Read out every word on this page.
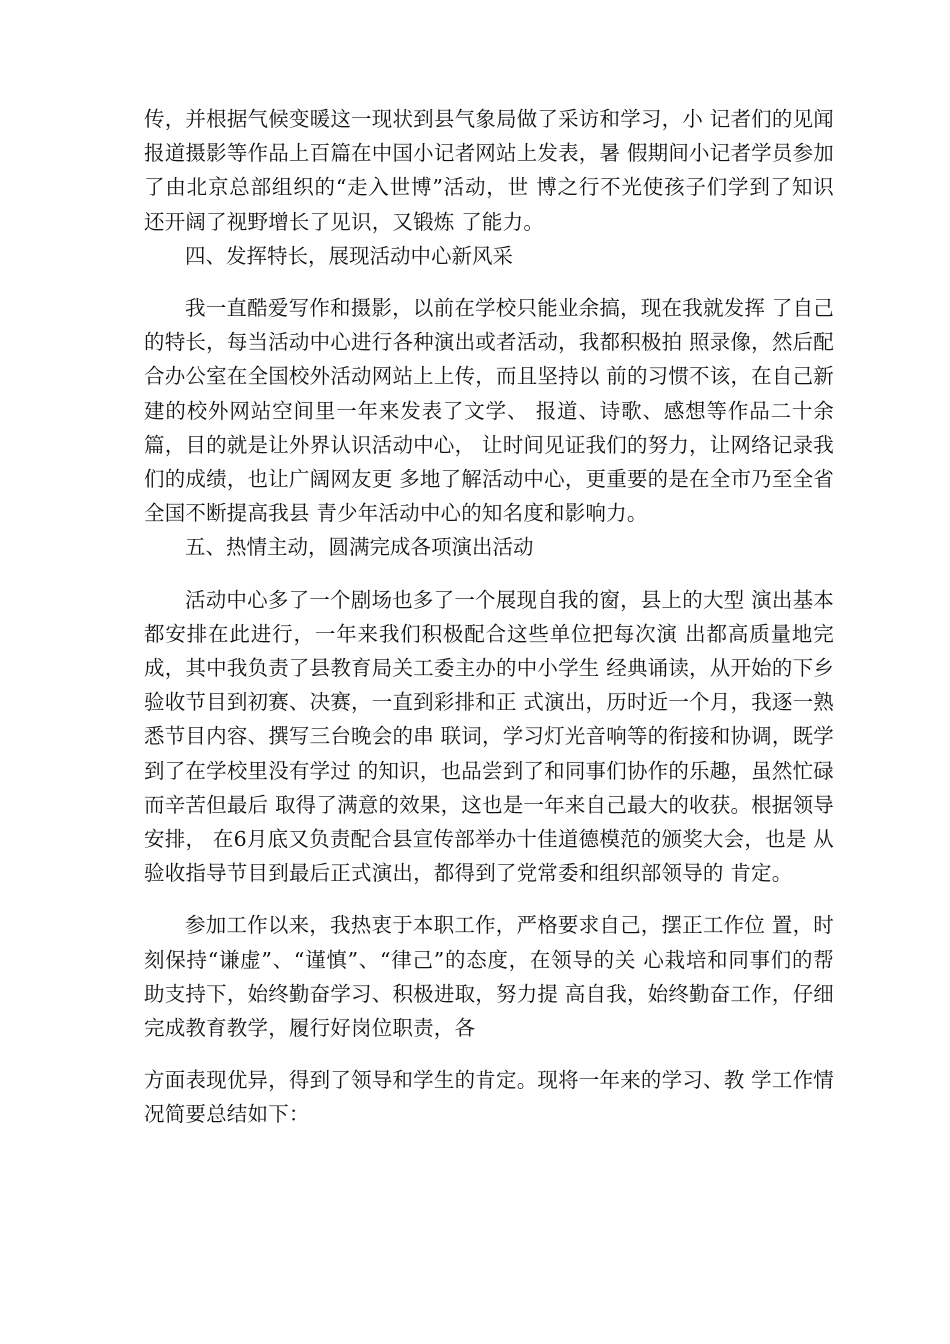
传，并根据气候变暖这一现状到县气象局做了采访和学习，小 记者们的见闻报道摄影等作品上百篇在中国小记者网站上发表，暑 假期间小记者学员参加了由北京总部组织的“走入世博”活动，世 博之行不光使孩子们学到了知识还开阔了视野增长了见识，又锻炼 了能力。

四、发挥特长，展现活动中心新风采

我一直酷爱写作和摄影，以前在学校只能业余搞，现在我就发挥 了自己的特长，每当活动中心进行各种演出或者活动，我都积极拍 照录像，然后配合办公室在全国校外活动网站上上传，而且坚持以 前的习惯不该，在自己新建的校外网站空间里一年来发表了文学、 报道、诗歌、感想等作品二十余篇，目的就是让外界认识活动中心， 让时间见证我们的努力，让网络记录我们的成绩，也让广阔网友更 多地了解活动中心，更重要的是在全市乃至全省全国不断提高我县 青少年活动中心的知名度和影响力。

五、热情主动，圆满完成各项演出活动

活动中心多了一个剧场也多了一个展现自我的窗，县上的大型 演出基本都安排在此进行，一年来我们积极配合这些单位把每次演 出都高质量地完成，其中我负责了县教育局关工委主办的中小学生 经典诵读，从开始的下乡验收节目到初赛、决赛，一直到彩排和正 式演出，历时近一个月，我逐一熟悉节目内容、撰写三台晚会的串 联词，学习灯光音响等的衔接和协调，既学到了在学校里没有学过 的知识，也品尝到了和同事们协作的乐趣，虽然忙碌而辛苦但最后 取得了满意的效果，这也是一年来自己最大的收获。根据领导安排， 在6月底又负责配合县宣传部举办十佳道德模范的颁奖大会，也是 从验收指导节目到最后正式演出，都得到了党常委和组织部领导的 肯定。

参加工作以来，我热衷于本职工作，严格要求自己，摆正工作位 置，时刻保持“谦虚”、“谨慎”、“律己”的态度，在领导的关 心栽培和同事们的帮助支持下，始终勤奋学习、积极进取，努力提 高自我，始终勤奋工作，仔细完成教育教学，履行好岗位职责，各

方面表现优异，得到了领导和学生的肯定。现将一年来的学习、教 学工作情况简要总结如下：
